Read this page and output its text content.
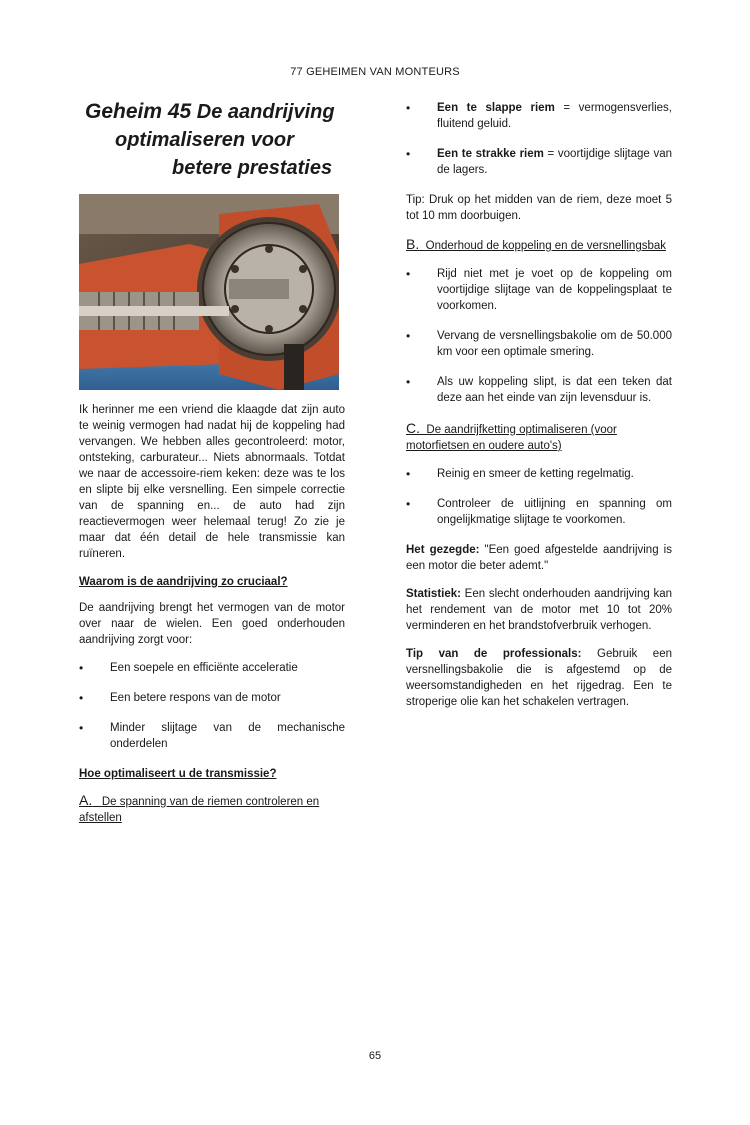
77 GEHEIMEN VAN MONTEURS
Geheim 45 De aandrijving
optimaliseren voor
betere prestaties

Ik herinner me een vriend die klaagde dat zijn auto te weinig vermogen had nadat hij de koppeling had vervangen. We hebben alles gecontroleerd: motor, ontsteking, carburateur... Niets abnormaals. Totdat we naar de accessoire-riem keken: deze was te los en slipte bij elke versnelling. Een simpele correctie van de spanning en... de auto had zijn reactievermogen weer helemaal terug! Zo zie je maar dat één detail de hele transmissie kan ruïneren.

Waarom is de aandrijving zo cruciaal?

De aandrijving brengt het vermogen van de motor over naar de wielen. Een goed onderhouden aandrijving zorgt voor:

•	Een soepele en efficiënte acceleratie
•	Een betere respons van de motor
•	Minder slijtage van de mechanische onderdelen
Hoe optimaliseert u de transmissie?
A. De spanning van de riemen controleren en afstellen
•	Een te slappe riem = vermogensverlies, fluitend geluid.
•	Een te strakke riem = voortijdige slijtage van de lagers.

Tip: Druk op het midden van de riem, deze moet 5 tot 10 mm doorbuigen.

B. Onderhoud de koppeling en de versnellingsbak
•	Rijd niet met je voet op de koppeling om voortijdige slijtage van de koppelingsplaat te voorkomen.
•	Vervang de versnellingsbakolie om de 50.000 km voor een optimale smering.
•	Als uw koppeling slipt, is dat een teken dat deze aan het einde van zijn levensduur is.
C. De aandrijfketting optimaliseren (voor motorfietsen en oudere auto's)
•	Reinig en smeer de ketting regelmatig.
•	Controleer de uitlijning en spanning om ongelijkmatige slijtage te voorkomen.

Het gezegde: "Een goed afgestelde aandrijving is een motor die beter ademt."

Statistiek: Een slecht onderhouden aandrijving kan het rendement van de motor met 10 tot 20% verminderen en het brandstofverbruik verhogen.

Tip van de professionals: Gebruik een versnellingsbakolie die is afgestemd op de weersomstandigheden en het rijgedrag. Een te stroperige olie kan het schakelen vertragen.

65
